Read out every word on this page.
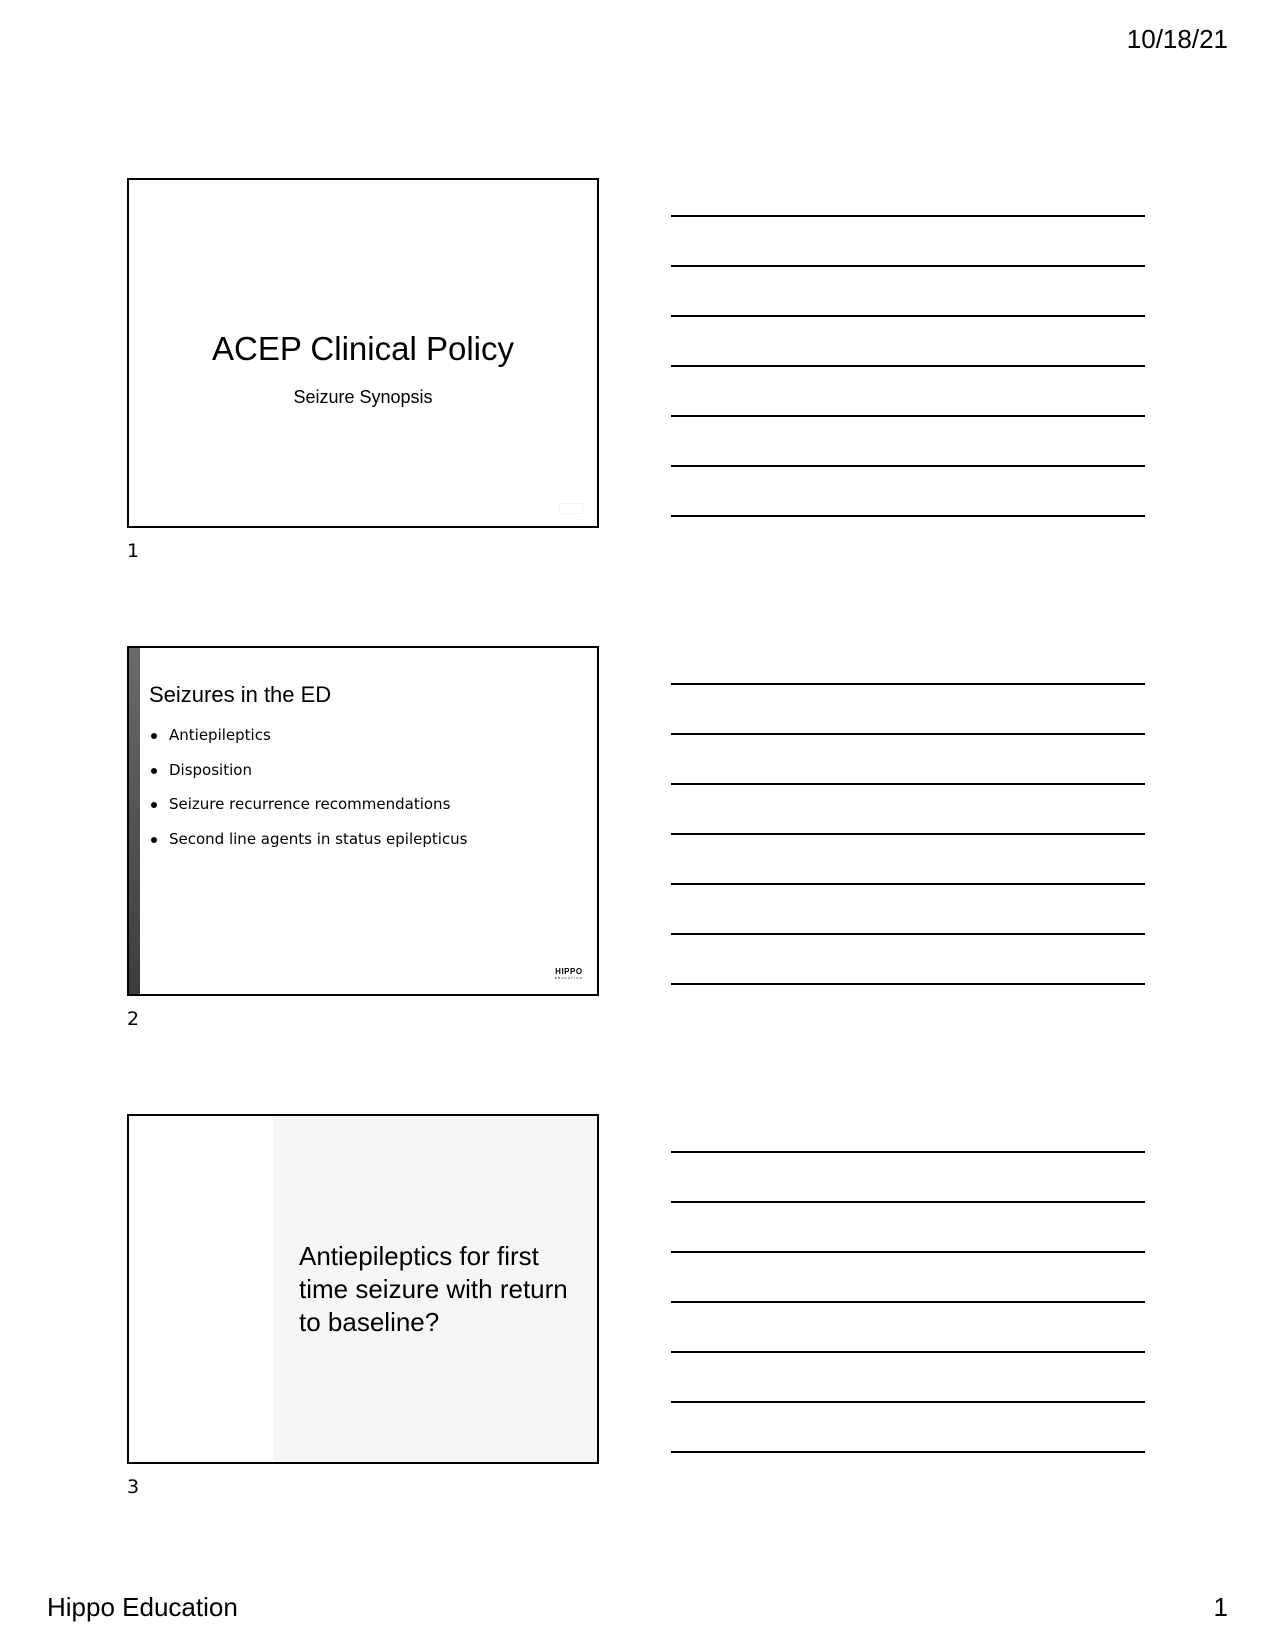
10/18/21
ACEP Clinical Policy
Seizure Synopsis
1
Seizures in the ED
Antiepileptics
Disposition
Seizure recurrence recommendations
Second line agents in status epilepticus
HIPPO
EDUCATION
2
Antiepileptics for first time seizure with return to baseline?
3
Hippo Education	1
